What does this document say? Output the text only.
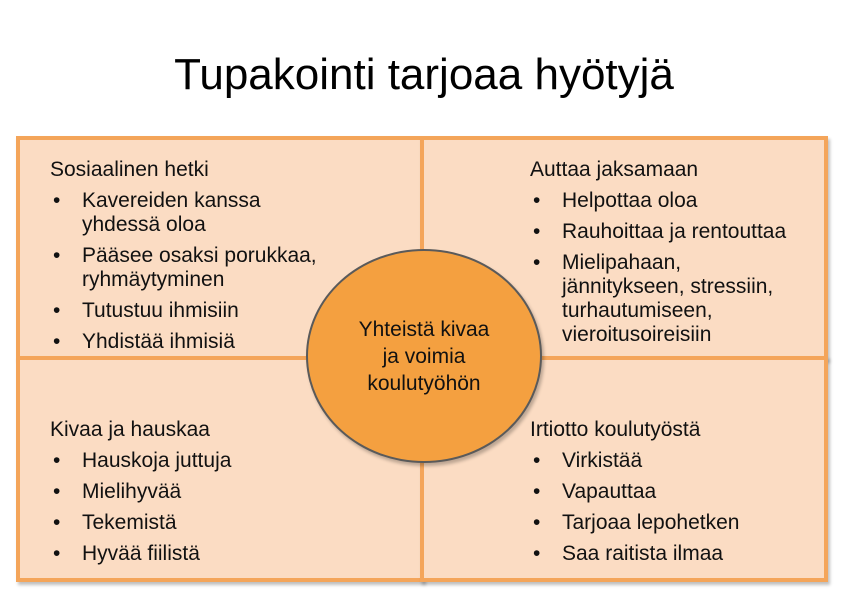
Tupakointi tarjoaa hyötyjä
Sosiaalinen hetki
• Kavereiden kanssa
yhdessä oloa
• Pääsee osaksi porukkaa,
ryhmäytyminen
• Tutustuu ihmisiin
• Yhdistää ihmisiä
Auttaa jaksamaan
• Helpottaa oloa
• Rauhoittaa ja rentouttaa
• Mielipahaan,
jännitykseen, stressiin,
turhautumiseen,
vieroitusoireisiin
Kivaa ja hauskaa
• Hauskoja juttuja
• Mielihyvää
• Tekemistä
• Hyvää fiilistä
Irtiotto koulutyöstä
• Virkistää
• Vapauttaa
• Tarjoaa lepohetken
• Saa raitista ilmaa
Yhteistä kivaa
ja voimia
koulutyöhön
